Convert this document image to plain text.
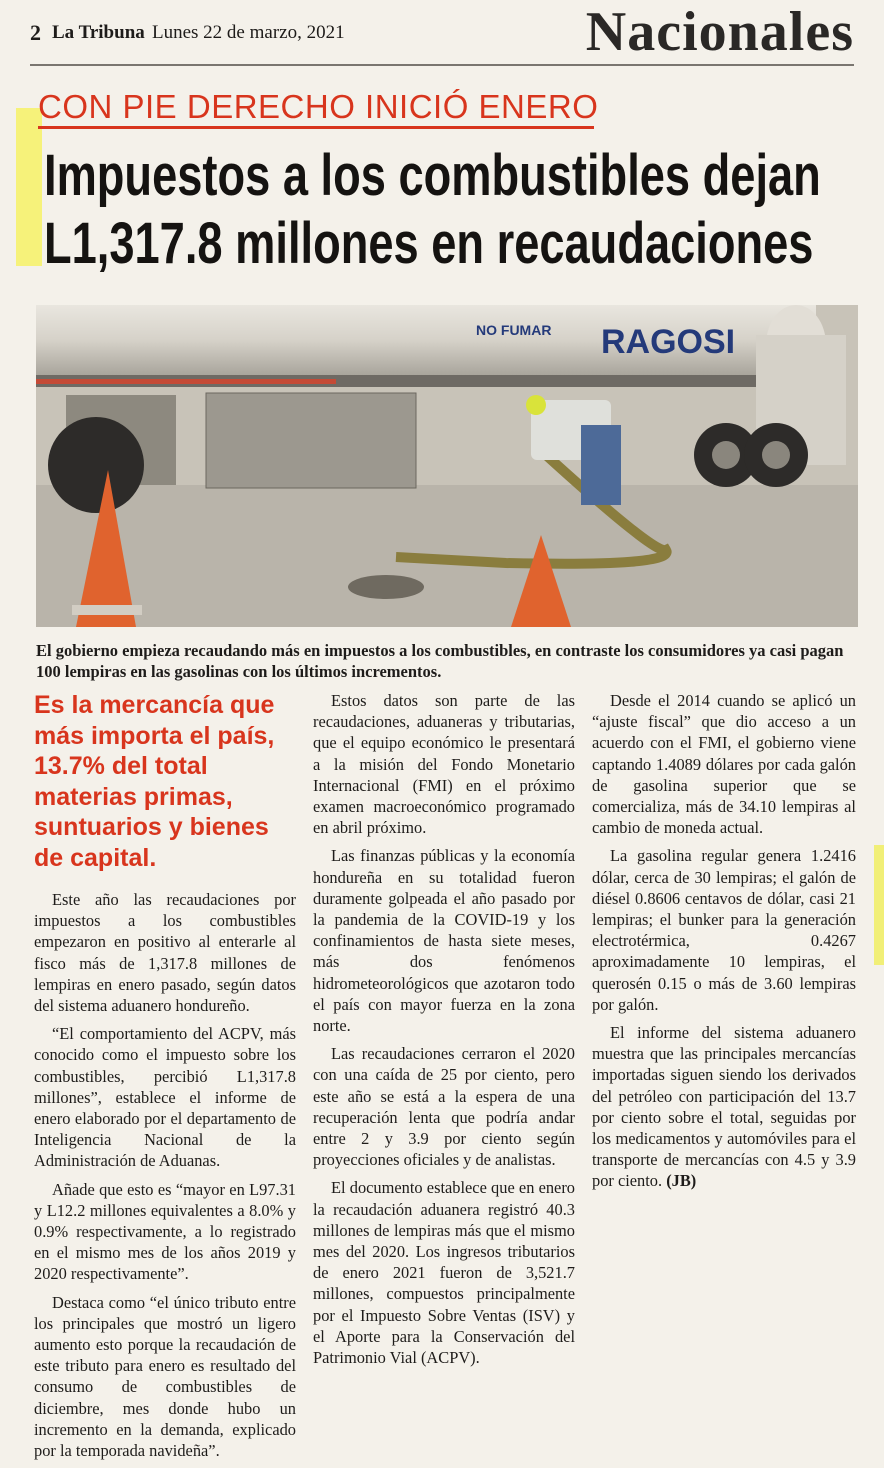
2 La Tribuna Lunes 22 de marzo, 2021	Nacionales
CON PIE DERECHO INICIÓ ENERO
Impuestos a los combustibles dejan
L1,317.8 millones en recaudaciones
NO FUMAR RAGOSI
El gobierno empieza recaudando más en impuestos a los combustibles, en contraste los consumidores ya casi pagan 100 lempiras en las gasolinas con los últimos incrementos.
Es la mercancía que más importa el país, 13.7% del total materias primas, suntuarios y bienes de capital.

Este año las recaudaciones por impuestos a los combustibles empezaron en positivo al enterarle al fisco más de 1,317.8 millones de lempiras en enero pasado, según datos del sistema aduanero hondureño.

“El comportamiento del ACPV, más conocido como el impuesto sobre los combustibles, percibió L1,317.8 millones”, establece el informe de enero elaborado por el departamento de Inteligencia Nacional de la Administración de Aduanas.

Añade que esto es “mayor en L97.31 y L12.2 millones equivalentes a 8.0% y 0.9% respectivamente, a lo registrado en el mismo mes de los años 2019 y 2020 respectivamente”.

Destaca como “el único tributo entre los principales que mostró un ligero aumento esto porque la recaudación de este tributo para enero es resultado del consumo de combustibles de diciembre, mes donde hubo un incremento en la demanda, explicado por la temporada navideña”.

Estos datos son parte de las recaudaciones, aduaneras y tributarias, que el equipo económico le presentará a la misión del Fondo Monetario Internacional (FMI) en el próximo examen macroeconómico programado en abril próximo.

Las finanzas públicas y la economía hondureña en su totalidad fueron duramente golpeada el año pasado por la pandemia de la COVID-19 y los confinamientos de hasta siete meses, más dos fenómenos hidrometeorológicos que azotaron todo el país con mayor fuerza en la zona norte.

Las recaudaciones cerraron el 2020 con una caída de 25 por ciento, pero este año se está a la espera de una recuperación lenta que podría andar entre 2 y 3.9 por ciento según proyecciones oficiales y de analistas.

El documento establece que en enero la recaudación aduanera registró 40.3 millones de lempiras más que el mismo mes del 2020. Los ingresos tributarios de enero 2021 fueron de 3,521.7 millones, compuestos principalmente por el Impuesto Sobre Ventas (ISV) y el Aporte para la Conservación del Patrimonio Vial (ACPV).

Desde el 2014 cuando se aplicó un “ajuste fiscal” que dio acceso a un acuerdo con el FMI, el gobierno viene captando 1.4089 dólares por cada galón de gasolina superior que se comercializa, más de 34.10 lempiras al cambio de moneda actual.

La gasolina regular genera 1.2416 dólar, cerca de 30 lempiras; el galón de diésel 0.8606 centavos de dólar, casi 21 lempiras; el bunker para la generación electrotérmica, 0.4267 aproximadamente 10 lempiras, el querosén 0.15 o más de 3.60 lempiras por galón.

El informe del sistema aduanero muestra que las principales mercancías importadas siguen siendo los derivados del petróleo con participación del 13.7 por ciento sobre el total, seguidas por los medicamentos y automóviles para el transporte de mercancías con 4.5 y 3.9 por ciento. (JB)
